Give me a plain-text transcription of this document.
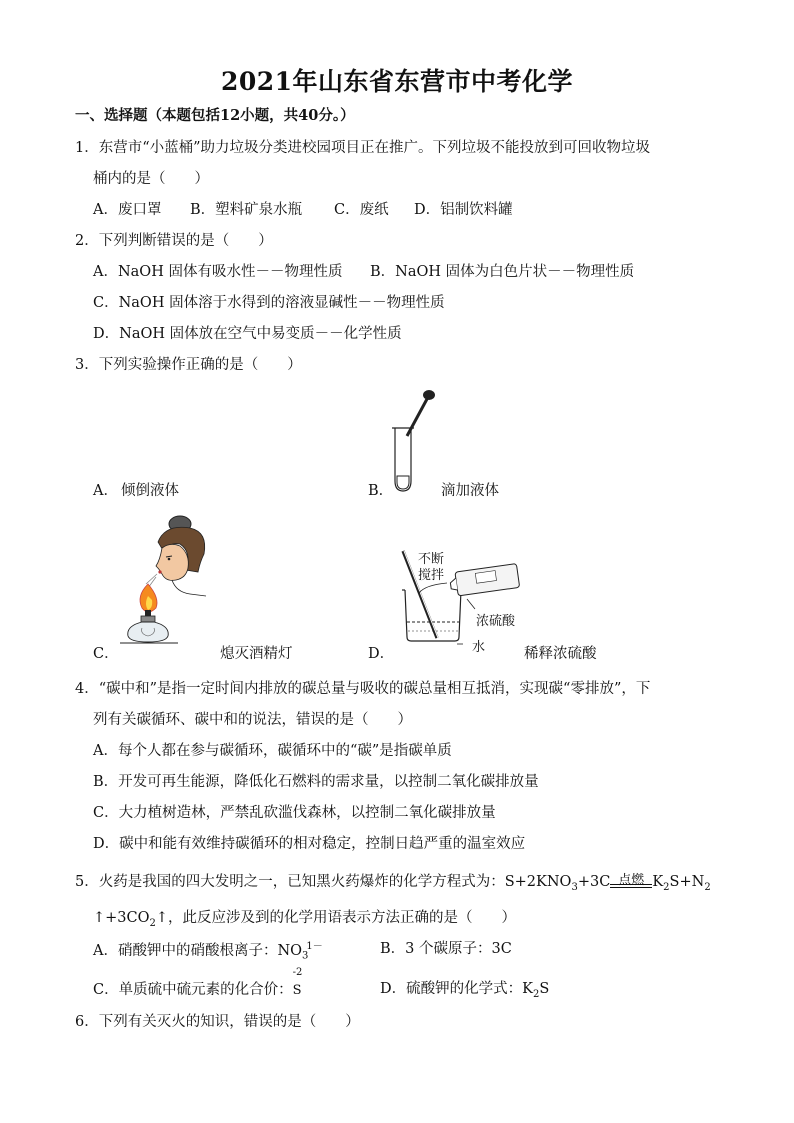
2021年山东省东营市中考化学
一、选择题（本题包括12小题，共40分。）
1．东营市“小蓝桶”助力垃圾分类进校园项目正在推广。下列垃圾不能投放到可回收物垃圾
桶内的是（　　）
A．废口罩 B．塑料矿泉水瓶 C．废纸 D．铝制饮料罐
2．下列判断错误的是（　　）
A．NaOH 固体有吸水性－－物理性质 B．NaOH 固体为白色片状－－物理性质
C．NaOH 固体溶于水得到的溶液显碱性－－物理性质
D．NaOH 固体放在空气中易变质－－化学性质
3．下列实验操作正确的是（　　）
A． 倾倒液体	B．	滴加液体
不断
搅拌
浓硫酸
水
C．	熄灭酒精灯	D．	稀释浓硫酸
4．“碳中和”是指一定时间内排放的碳总量与吸收的碳总量相互抵消，实现碳“零排放”，下
列有关碳循环、碳中和的说法，错误的是（　　）
A．每个人都在参与碳循环，碳循环中的“碳”是指碳单质
B．开发可再生能源，降低化石燃料的需求量，以控制二氧化碳排放量
C．大力植树造林，严禁乱砍滥伐森林，以控制二氧化碳排放量
D．碳中和能有效维持碳循环的相对稳定，控制日趋严重的温室效应
5．火药是我国的四大发明之一，已知黑火药爆炸的化学方程式为：$S+2KNO_3+3C$ 点燃 $K_2S+N_2$
$↑+3CO_2↑$，此反应涉及到的化学用语表示方法正确的是（　　）
A．硝酸钾中的硝酸根离子：$NO_3^{1-}$	B．3 个碳原子：3C
C．单质硫中硫元素的化合价：
-2
S	D．硫酸钾的化学式：$K_2S$
6．下列有关灭火的知识，错误的是（　　）
